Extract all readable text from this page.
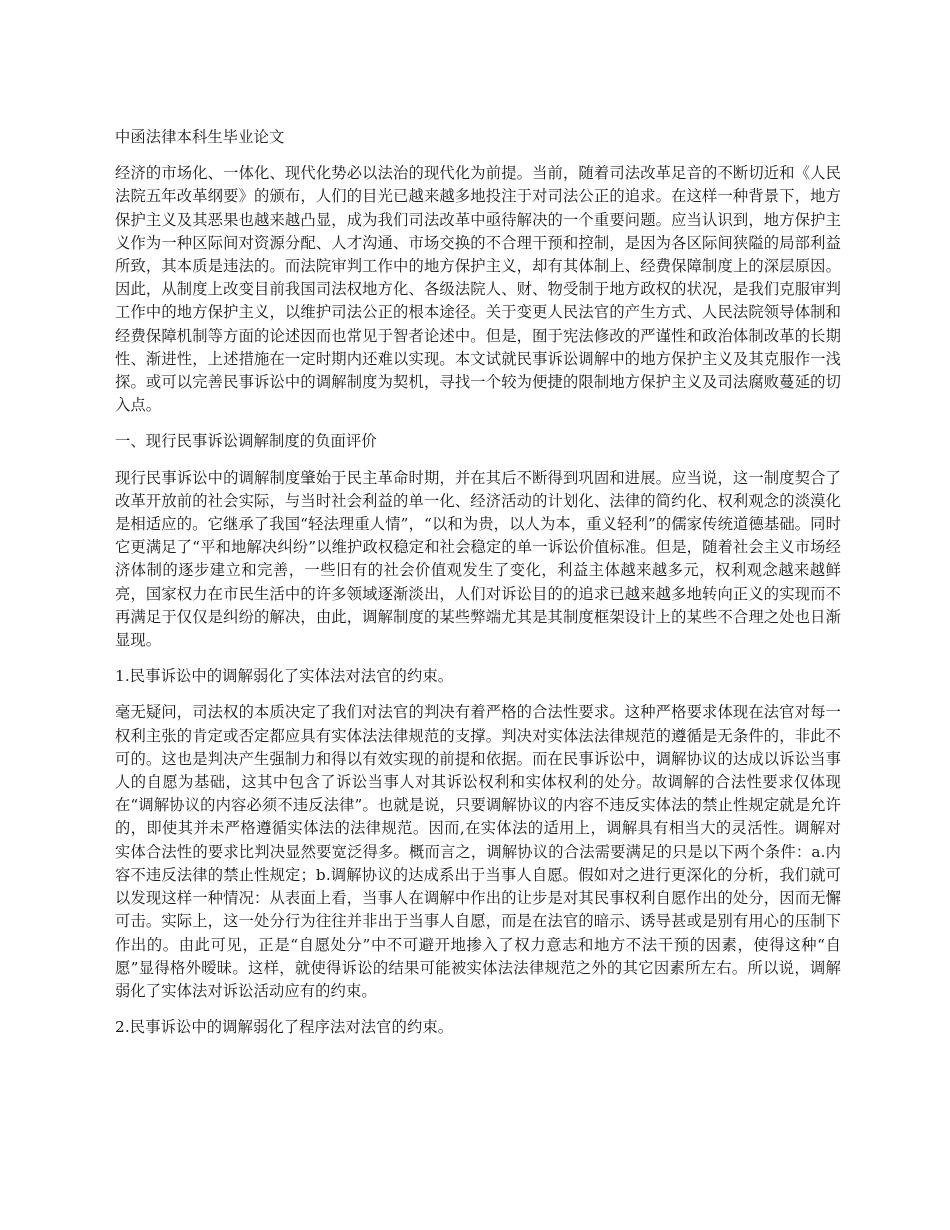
中函法律本科生毕业论文

经济的市场化、一体化、现代化势必以法治的现代化为前提。当前，随着司法改革足音的不断切近和《人民法院五年改革纲要》的颁布，人们的目光已越来越多地投注于对司法公正的追求。在这样一种背景下，地方保护主义及其恶果也越来越凸显，成为我们司法改革中亟待解决的一个重要问题。应当认识到，地方保护主义作为一种区际间对资源分配、人才沟通、市场交换的不合理干预和控制，是因为各区际间狭隘的局部利益所致，其本质是违法的。而法院审判工作中的地方保护主义，却有其体制上、经费保障制度上的深层原因。因此，从制度上改变目前我国司法权地方化、各级法院人、财、物受制于地方政权的状况，是我们克服审判工作中的地方保护主义，以维护司法公正的根本途径。关于变更人民法官的产生方式、人民法院领导体制和经费保障机制等方面的论述因而也常见于智者论述中。但是，囿于宪法修改的严谨性和政治体制改革的长期性、渐进性，上述措施在一定时期内还难以实现。本文试就民事诉讼调解中的地方保护主义及其克服作一浅探。或可以完善民事诉讼中的调解制度为契机，寻找一个较为便捷的限制地方保护主义及司法腐败蔓延的切入点。

一、现行民事诉讼调解制度的负面评价

现行民事诉讼中的调解制度肇始于民主革命时期，并在其后不断得到巩固和进展。应当说，这一制度契合了改革开放前的社会实际，与当时社会利益的单一化、经济活动的计划化、法律的简约化、权利观念的淡漠化是相适应的。它继承了我国“轻法理重人情”，“以和为贵，以人为本，重义轻利”的儒家传统道德基础。同时它更满足了“平和地解决纠纷”以维护政权稳定和社会稳定的单一诉讼价值标准。但是，随着社会主义市场经济体制的逐步建立和完善，一些旧有的社会价值观发生了变化，利益主体越来越多元，权利观念越来越鲜亮，国家权力在市民生活中的许多领域逐渐淡出，人们对诉讼目的的追求已越来越多地转向正义的实现而不再满足于仅仅是纠纷的解决，由此，调解制度的某些弊端尤其是其制度框架设计上的某些不合理之处也日渐显现。

1.民事诉讼中的调解弱化了实体法对法官的约束。

毫无疑问，司法权的本质决定了我们对法官的判决有着严格的合法性要求。这种严格要求体现在法官对每一权利主张的肯定或否定都应具有实体法法律规范的支撑。判决对实体法法律规范的遵循是无条件的，非此不可的。这也是判决产生强制力和得以有效实现的前提和依据。而在民事诉讼中，调解协议的达成以诉讼当事人的自愿为基础，这其中包含了诉讼当事人对其诉讼权利和实体权利的处分。故调解的合法性要求仅体现在“调解协议的内容必须不违反法律”。也就是说，只要调解协议的内容不违反实体法的禁止性规定就是允许的，即使其并未严格遵循实体法的法律规范。因而,在实体法的适用上，调解具有相当大的灵活性。调解对实体合法性的要求比判决显然要宽泛得多。概而言之，调解协议的合法需要满足的只是以下两个条件：a.内容不违反法律的禁止性规定；b.调解协议的达成系出于当事人自愿。假如对之进行更深化的分析，我们就可以发现这样一种情况：从表面上看，当事人在调解中作出的让步是对其民事权利自愿作出的处分，因而无懈可击。实际上，这一处分行为往往并非出于当事人自愿，而是在法官的暗示、诱导甚或是别有用心的压制下作出的。由此可见，正是“自愿处分”中不可避开地掺入了权力意志和地方不法干预的因素，使得这种“自愿”显得格外暧昧。这样，就使得诉讼的结果可能被实体法法律规范之外的其它因素所左右。所以说，调解弱化了实体法对诉讼活动应有的约束。

2.民事诉讼中的调解弱化了程序法对法官的约束。
